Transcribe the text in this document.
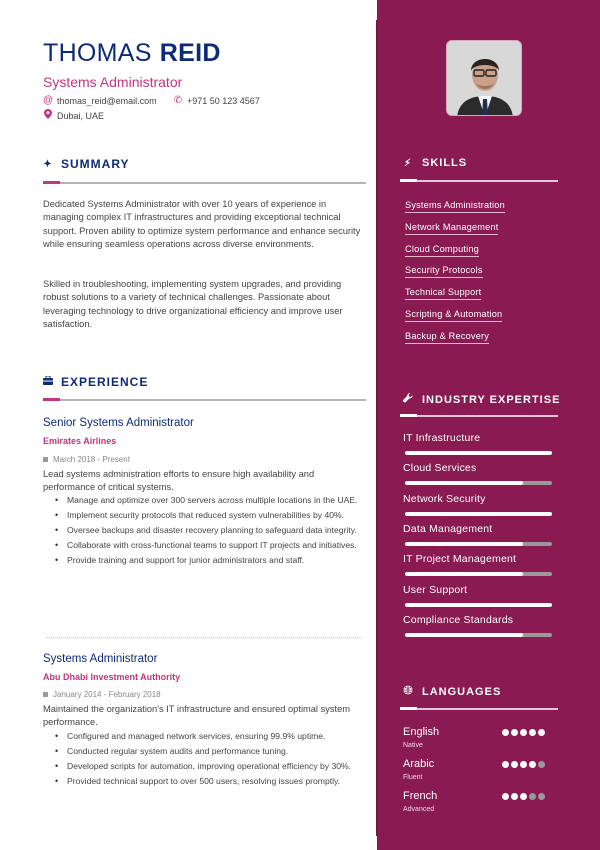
THOMAS REID
Systems Administrator
@ thomas_reid@email.com ✆ +971 50 123 4567
Dubai, UAE
✦ SUMMARY

Dedicated Systems Administrator with over 10 years of experience in managing complex IT infrastructures and providing exceptional technical support. Proven ability to optimize system performance and enhance security while ensuring seamless operations across diverse environments.

Skilled in troubleshooting, implementing system upgrades, and providing robust solutions to a variety of technical challenges. Passionate about leveraging technology to drive organizational efficiency and improve user satisfaction.

EXPERIENCE
Senior Systems Administrator
Emirates Airlines
March 2018 - Present

Lead systems administration efforts to ensure high availability and performance of critical systems.

• Manage and optimize over 300 servers across multiple locations in the UAE.
• Implement security protocols that reduced system vulnerabilities by 40%.
• Oversee backups and disaster recovery planning to safeguard data integrity.
• Collaborate with cross-functional teams to support IT projects and initiatives.
• Provide training and support for junior administrators and staff.
Systems Administrator
Abu Dhabi Investment Authority
January 2014 - February 2018

Maintained the organization's IT infrastructure and ensured optimal system performance.

• Configured and managed network services, ensuring 99.9% uptime.
• Conducted regular system audits and performance tuning.
• Developed scripts for automation, improving operational efficiency by 30%.
• Provided technical support to over 500 users, resolving issues promptly.
⚡︎ SKILLS
Systems Administration
Network Management
Cloud Computing
Security Protocols
Technical Support
Scripting & Automation
Backup & Recovery
INDUSTRY EXPERTISE
IT Infrastructure
Cloud Services
Network Security
Data Management
IT Project Management
User Support
Compliance Standards
LANGUAGES
English
Native
Arabic
Fluent
French
Advanced
